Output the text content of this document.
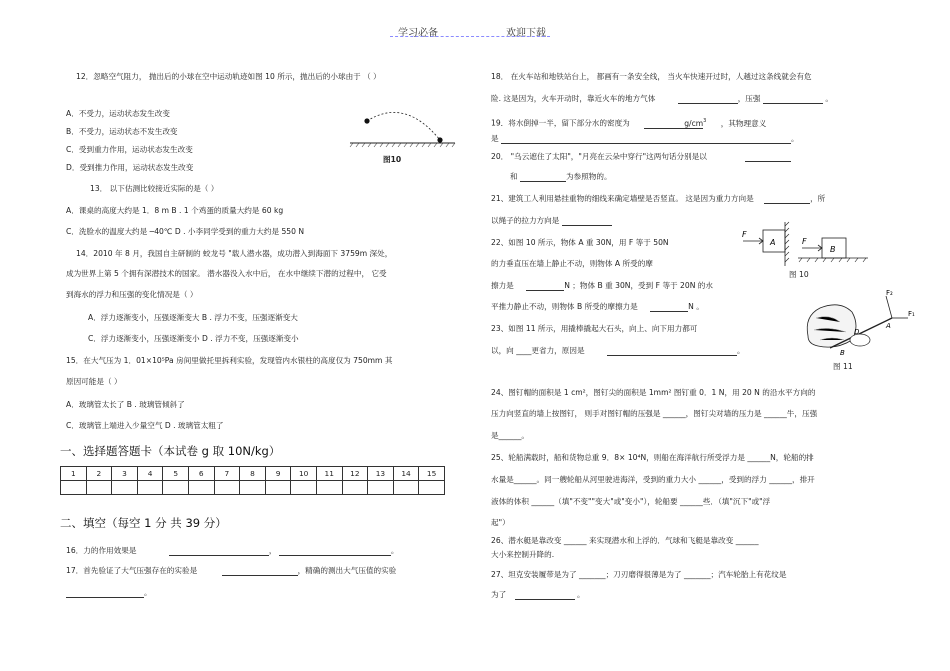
学习必备	欢迎下载
12．忽略空气阻力， 抛出后的小球在空中运动轨迹如图 10 所示，抛出后的小球由于 （ ）
A．不受力，运动状态发生改变
B．不受力，运动状态不发生改变
C．受到重力作用，运动状态发生改变
D．受到推力作用，运动状态发生改变
图10
13． 以下估测比较接近实际的是（ ）
A．课桌的高度大约是 1．8 m B . 1 个鸡蛋的质量大约是 60 kg
C．洗脸水的温度大约是 ─40℃ D . 小李同学受到的重力大约是 550 N
14．2010 年 8 月，我国自主研制的 蛟龙号 "载人潜水器，成功潜入到海面下 3759m 深处，
成为世界上第 5 个拥有深潜技术的国家。 潜水器没入水中后， 在水中继续下潜的过程中， 它受
到海水的浮力和压强的变化情况是（ ）
A．浮力逐渐变小，压强逐渐变大 B . 浮力不变，压强逐渐变大
C．浮力逐渐变小，压强逐渐变小 D . 浮力不变，压强逐渐变小
15．在大气压为 1．01×10⁵Pa 房间里做托里拆利实验，发现管内水银柱的高度仅为 750mm 其
原因可能是（ ）
A．玻璃管太长了 B . 玻璃管倾斜了
C．玻璃管上端进入少量空气 D . 玻璃管太粗了
一、选择题答题卡（本试卷 g 取 10N/kg）
1	2	3	4	5	6	7	8	9	10	11	12	13	14	15

二、填空（每空 1 分 共 39 分）
16．力的作用效果是	，	。
17．首先验证了大气压强存在的实验是	，精确的测出大气压值的实验
。
18． 在火车站和地铁站台上， 都画有一条安全线， 当火车快速开过时，人越过这条线就会有危
险. 这是因为，火车开动时，靠近火车的地方气体	，压强	。
19．将水倒掉一半，留下部分水的密度为	$g/cm^3$ ，其物理意义
是	。
20． "乌云遮住了太阳"，"月亮在云朵中穿行"这两句话分别是以
和	为参照物的。
21、建筑工人利用悬挂重物的细线来确定墙壁是否竖直。 这是因为重力方向是	，所
以绳子的拉力方向是
22、如图 10 所示，物体 A 重 30N，用 F 等于 50N
的力垂直压在墙上静止不动，则物体 A 所受的摩
擦力是	N ；物体 B 重 30N，受到 F 等于 20N 的水
平推力静止不动，则物体 B 所受的摩擦力是	N 。
F
A	F
B
图 10
23、如图 11 所示，用撬棒撬起大石头，向上、向下用力都可
以，向 ____更省力，原因是	。
F₂
F₁
D
B
A
图 11
24、图钉帽的面积是 1 cm²，图钉尖的面积是 1mm² 图钉重 0．1 N，用 20 N 的沿水平方向的
压力向竖直的墙上按图钉， 则手对图钉帽的压强是 ______，图钉尖对墙的压力是 ______牛，压强
是______。
25、轮船满载时，船和货物总重 9．8× 10⁴N，则船在海洋航行所受浮力是 ______N，轮船的排
水量是______。同一艘轮船从河里驶进海洋，受到的重力大小 ______，受到的浮力 ______，排开
液体的体积 ______（填"不变""变大"或"变小"），轮船要 ______些．（填"沉下"或"浮
起"）
26、潜水艇是靠改变 ______ 来实现潜水和上浮的．气球和飞艇是靠改变 ______
大小来控制升降的.
27、坦克安装履带是为了 _______；刀刃磨得很薄是为了 _______；汽车轮胎上有花纹是
为了	。
